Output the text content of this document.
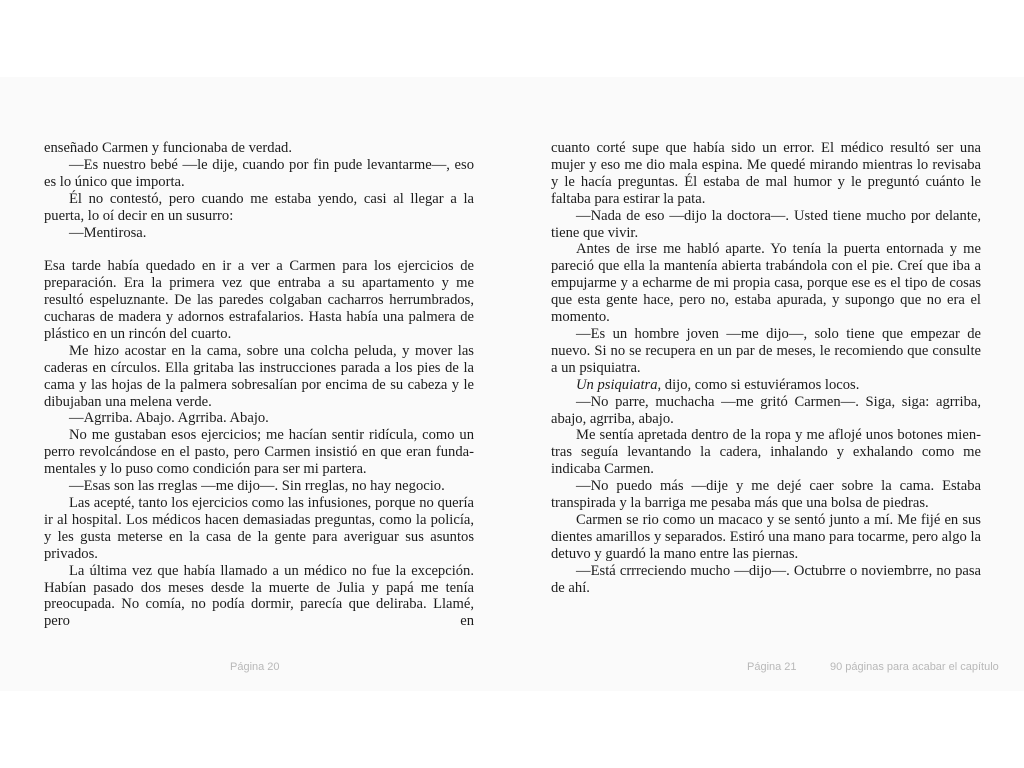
enseñado Carmen y funcionaba de verdad.

—Es nuestro bebé —le dije, cuando por fin pude levantarme—, eso es lo único que importa.

Él no contestó, pero cuando me estaba yendo, casi al llegar a la puerta, lo oí decir en un susurro:

—Mentirosa.

Esa tarde había quedado en ir a ver a Carmen para los ejercicios de preparación. Era la primera vez que entraba a su apartamento y me resultó espeluznante. De las paredes colgaban cacharros herrumbrados, cucharas de madera y adornos estrafalarios. Hasta había una palmera de plástico en un rincón del cuarto.

Me hizo acostar en la cama, sobre una colcha peluda, y mover las caderas en círculos. Ella gritaba las instrucciones parada a los pies de la cama y las hojas de la palmera sobresalían por encima de su cabeza y le dibujaban una melena verde.

—Agrriba. Abajo. Agrriba. Abajo.

No me gustaban esos ejercicios; me hacían sentir ridícula, como un perro revolcándose en el pasto, pero Carmen insistió en que eran fundamentales y lo puso como condición para ser mi partera.

—Esas son las rreglas —me dijo—. Sin rreglas, no hay negocio.

Las acepté, tanto los ejercicios como las infusiones, porque no quería ir al hospital. Los médicos hacen demasiadas preguntas, como la policía, y les gusta meterse en la casa de la gente para averiguar sus asuntos privados.

La última vez que había llamado a un médico no fue la excepción. Habían pasado dos meses desde la muerte de Julia y papá me tenía preocupada. No comía, no podía dormir, parecía que deliraba. Llamé, pero en

cuanto corté supe que había sido un error. El médico resultó ser una mujer y eso me dio mala espina. Me quedé mirando mientras lo revisaba y le hacía preguntas. Él estaba de mal humor y le preguntó cuánto le faltaba para estirar la pata.

—Nada de eso —dijo la doctora—. Usted tiene mucho por delante, tiene que vivir.

Antes de irse me habló aparte. Yo tenía la puerta entornada y me pareció que ella la mantenía abierta trabándola con el pie. Creí que iba a empujarme y a echarme de mi propia casa, porque ese es el tipo de cosas que esta gente hace, pero no, estaba apurada, y supongo que no era el momento.

—Es un hombre joven —me dijo—, solo tiene que empezar de nuevo. Si no se recupera en un par de meses, le recomiendo que consulte a un psiquiatra.

Un psiquiatra, dijo, como si estuviéramos locos.

—No parre, muchacha —me gritó Carmen—. Siga, siga: agrriba, abajo, agrriba, abajo.

Me sentía apretada dentro de la ropa y me aflojé unos botones mientras seguía levantando la cadera, inhalando y exhalando como me indicaba Carmen.

—No puedo más —dije y me dejé caer sobre la cama. Estaba transpirada y la barriga me pesaba más que una bolsa de piedras.

Carmen se rio como un macaco y se sentó junto a mí. Me fijé en sus dientes amarillos y separados. Estiró una mano para tocarme, pero algo la detuvo y guardó la mano entre las piernas.

—Está crrreciendo mucho —dijo—. Octubrre o noviembrre, no pasa de ahí.

Página 20	Página 21	90 páginas para acabar el capítulo
